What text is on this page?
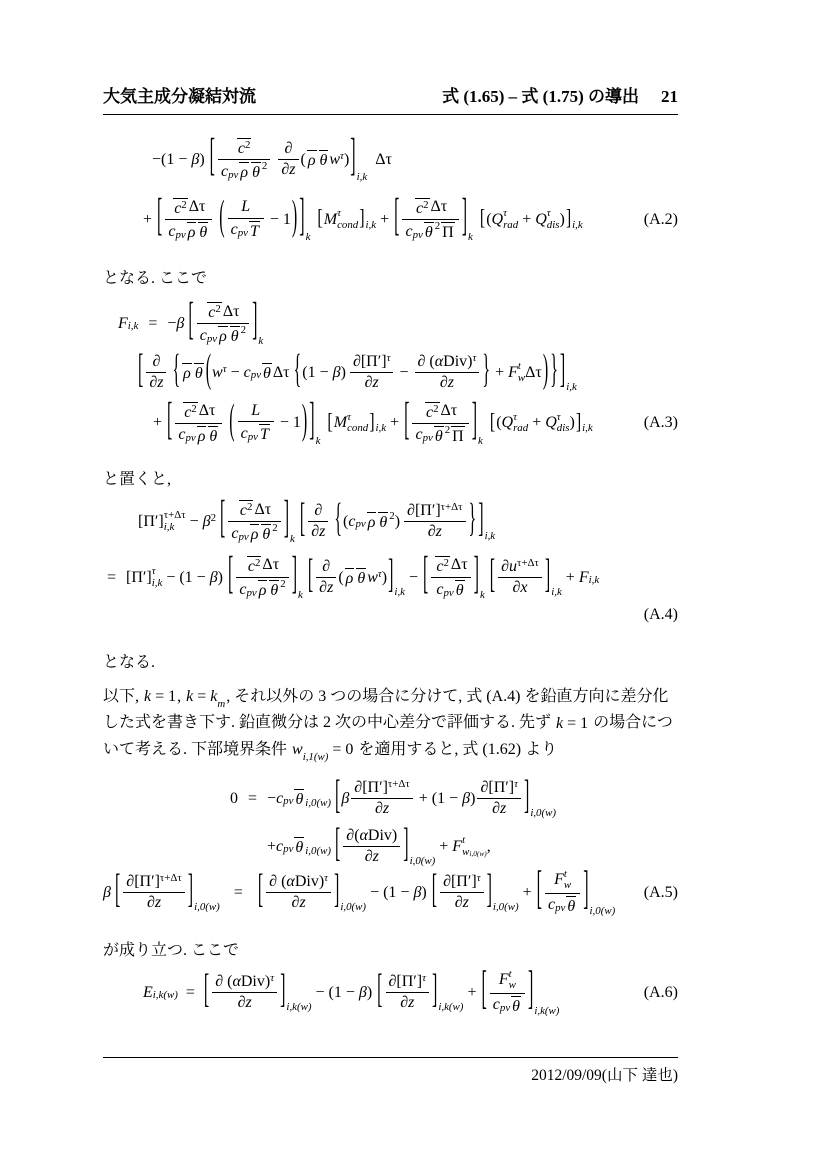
大気主成分凝結対流	式 (1.65) – 式 (1.75) の導出 21
−(1 − β ) [ $\frac{c 2}{\text{c pv ρ θ 2}} \frac{\partial}{\partial z}$ ( ρ θ w τ ) ] i,k
Δτ
+ [ $\frac{c 2 \Delta\tau}{\text{c pv ρ θ}}$ ( $\frac{L}{\text{c pv T}} - 1$ ) ] k
[ M τ
cond ] i,k + [ $\frac{c 2 \Delta\tau}{\text{c pv θ 2 Π}}$ ] k
[ ( Q τ
rad + Q τ
dis ) ] i,k	(A.2)
となる. ここで
F i,k = − β [ $\frac{c 2 \Delta\tau}{\text{c pv ρ θ 2}}$ ] k
[ $\frac{\partial}{\partial z}$ { ρ θ ( w τ − c pv θ Δτ { (1 − β ) $\frac{\partial[\Pi'] \tau}{\partial z} - \frac{\text{∂ ( α Div) τ}}{\partial z}$ } + F t
w Δτ ) } ] i,k
+ [ $\frac{c 2 \Delta\tau}{\text{c pv ρ θ}}$ ( $\frac{L}{\text{c pv T}} - 1$ ) ] k
[ M τ
cond ] i,k + [ $\frac{c 2 \Delta\tau}{\text{c pv θ 2 Π}}$ ] k
[ ( Q τ
rad + Q τ
dis ) ] i,k	(A.3)
と置くと,
[Π′] τ+Δτ
i,k − β 2 [ $\frac{c 2 \Delta\tau}{\text{c pv ρ θ 2}}$ ] k [ $\frac{\partial}{\partial z}$ { ( c pv ρ θ 2 ) $\frac{\partial[\Pi'] \tau+\Delta\tau}{\partial z}$ } ] i,k
= [Π′] τ
i,k − (1 − β ) [ $\frac{c 2 \Delta\tau}{\text{c pv ρ θ 2}}$ ] k [ $\frac{\partial}{\partial z}$ ( ρ θ w τ ) ] i,k
− [ $\frac{c 2 \Delta\tau}{\text{c pv θ}}$ ] k [ $\frac{\text{∂ u τ+Δτ}}{\partial x}$ ] i,k
+ F i,k
(A.4)
となる.
以下, k = 1 , k = k m , それ以外の 3 つの場合に分けて, 式 (A.4) を鉛直方向に差分化した式を書き下す. 鉛直微分は 2 次の中心差分で評価する. 先ず k = 1 の場合について考える. 下部境界条件 w i,1(w) = 0 を適用すると, 式 (1.62) より
0 = − c pv θ i,0(w) [ β $\frac{\partial[\Pi'] \tau+\Delta\tau}{\partial z} + (1 - \beta$ ) $\frac{\partial[\Pi'] \tau}{\partial z}$ ] i,0(w)
+ c pv θ i,0(w) [ $\frac{\text{∂( α Div)}}{\partial z}$ ] i,0(w)
+ F t
w i,0(w) ,
β [ $\frac{\partial[\Pi'] \tau+\Delta\tau}{\partial z}$ ] i,0(w)
= [ $\frac{\text{∂ ( α Div) τ}}{\partial z}$ ] i,0(w)
− (1 − β ) [ $\frac{\partial[\Pi'] \tau}{\partial z}$ ] i,0(w)
+ [ F t
w
c pv θ ] i,0(w)
(A.5)
が成り立つ. ここで
E i,k(w) = [ $\frac{\text{∂ ( α Div) τ}}{\partial z}$ ] i,k(w)
− (1 − β ) [ $\frac{\partial[\Pi'] \tau}{\partial z}$ ] i,k(w)
+ [ F t
w
c pv θ ] i,k(w)
(A.6)
2012/09/09(山下 達也)
